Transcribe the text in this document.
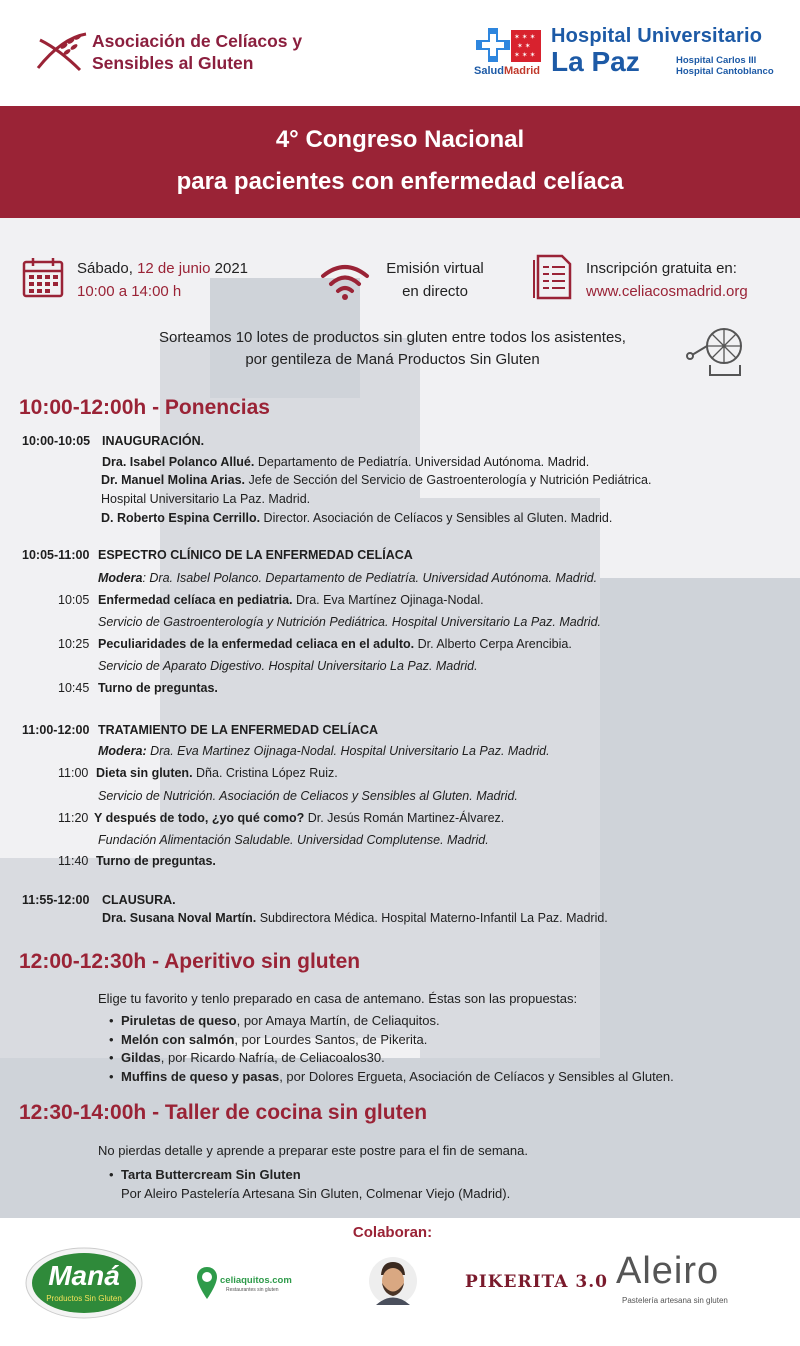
Asociación de Celíacos y
Sensibles al Gluten
✶ ✶ ✶
✶ ✶
✶ ✶ ✶
SaludMadrid
Hospital Universitario
La Paz	Hospital Carlos III
Hospital Cantoblanco
4° Congreso Nacional
para pacientes con enfermedad celíaca
Sábado, 12 de junio 2021
10:00 a 14:00 h
Emisión virtual
en directo
Inscripción gratuita en:
www.celiacosmadrid.org
Sorteamos 10 lotes de productos sin gluten entre todos los asistentes,
por gentileza de Maná Productos Sin Gluten
10:00-12:00h - Ponencias
10:00-10:05 INAUGURACIÓN.
Dra. Isabel Polanco Allué. Departamento de Pediatría. Universidad Autónoma. Madrid.
Dr. Manuel Molina Arias. Jefe de Sección del Servicio de Gastroenterología y Nutrición Pediátrica.
Hospital Universitario La Paz. Madrid.
D. Roberto Espina Cerrillo. Director. Asociación de Celíacos y Sensibles al Gluten. Madrid.
10:05-11:00 ESPECTRO CLÍNICO DE LA ENFERMEDAD CELÍACA
Modera: Dra. Isabel Polanco. Departamento de Pediatría. Universidad Autónoma. Madrid.
10:05 Enfermedad celíaca en pediatria. Dra. Eva Martínez Ojinaga-Nodal.
Servicio de Gastroenterología y Nutrición Pediátrica. Hospital Universitario La Paz. Madrid.
10:25 Peculiaridades de la enfermedad celiaca en el adulto. Dr. Alberto Cerpa Arencibia.
Servicio de Aparato Digestivo. Hospital Universitario La Paz. Madrid.
10:45 Turno de preguntas.
11:00-12:00 TRATAMIENTO DE LA ENFERMEDAD CELÍACA
Modera: Dra. Eva Martinez Oijnaga-Nodal. Hospital Universitario La Paz. Madrid.
11:00 Dieta sin gluten. Dña. Cristina López Ruiz.
Servicio de Nutrición. Asociación de Celiacos y Sensibles al Gluten. Madrid.
11:20 Y después de todo, ¿yo qué como? Dr. Jesús Román Martinez-Álvarez.
Fundación Alimentación Saludable. Universidad Complutense. Madrid.
11:40 Turno de preguntas.
11:55-12:00 CLAUSURA.
Dra. Susana Noval Martín. Subdirectora Médica. Hospital Materno-Infantil La Paz. Madrid.
12:00-12:30h - Aperitivo sin gluten
Elige tu favorito y tenlo preparado en casa de antemano. Éstas son las propuestas:
• Piruletas de queso, por Amaya Martín, de Celiaquitos.
• Melón con salmón, por Lourdes Santos, de Pikerita.
• Gildas, por Ricardo Nafría, de Celiacoalos30.
• Muffins de queso y pasas, por Dolores Ergueta, Asociación de Celíacos y Sensibles al Gluten.
12:30-14:00h - Taller de cocina sin gluten
No pierdas detalle y aprende a preparar este postre para el fin de semana.
• Tarta Buttercream Sin Gluten
Por Aleiro Pastelería Artesana Sin Gluten, Colmenar Viejo (Madrid).
Colaboran:
Maná
Productos Sin Gluten
celiaquitos.com
Restaurantes sin gluten	PIKERITA 3.0 Aleiro
Pastelería artesana sin gluten
